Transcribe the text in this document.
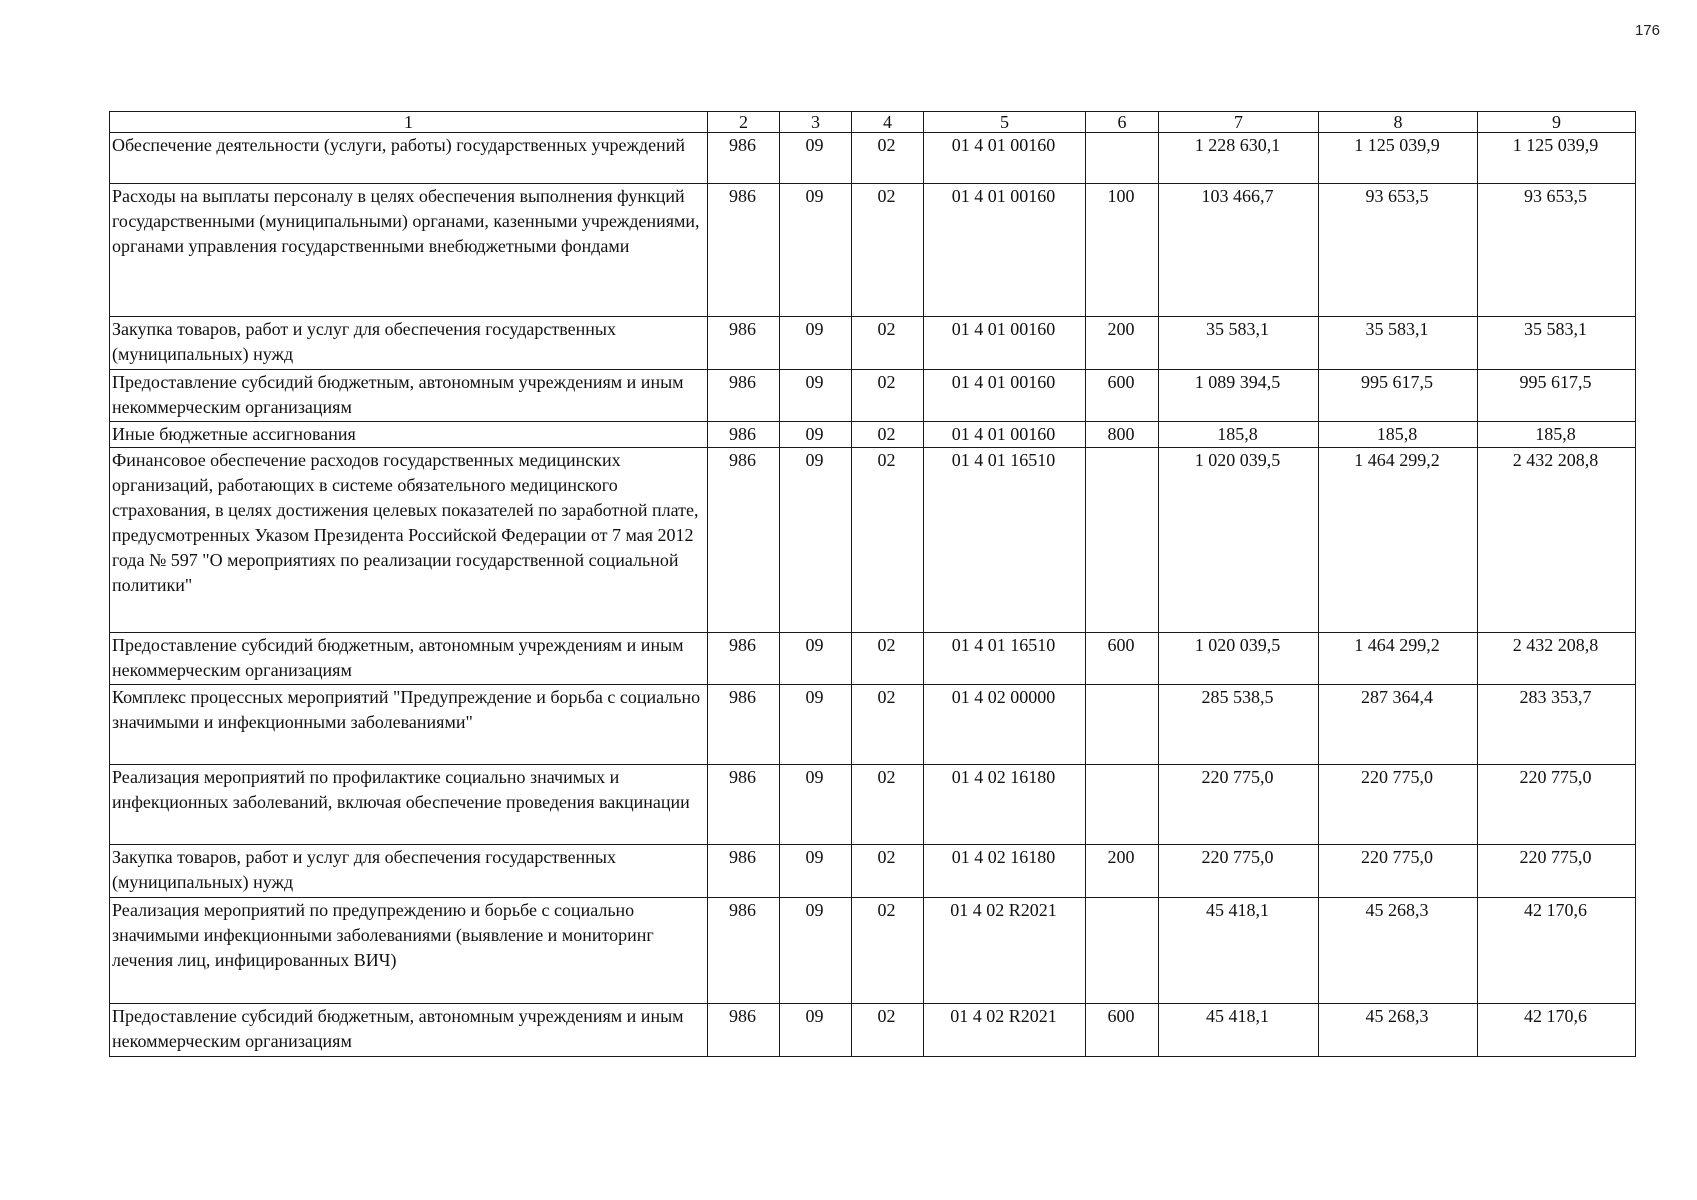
176
1	2	3	4	5	6	7	8	9
Обеспечение деятельности (услуги, работы) государственных учреждений	986	09	02	01 4 01 00160		1 228 630,1	1 125 039,9	1 125 039,9
Расходы на выплаты персоналу в целях обеспечения выполнения функций государственными (муниципальными) органами, казенными учреждениями, органами управления государственными внебюджетными фондами	986	09	02	01 4 01 00160	100	103 466,7	93 653,5	93 653,5
Закупка товаров, работ и услуг для обеспечения государственных (муниципальных) нужд	986	09	02	01 4 01 00160	200	35 583,1	35 583,1	35 583,1
Предоставление субсидий бюджетным, автономным учреждениям и иным некоммерческим организациям	986	09	02	01 4 01 00160	600	1 089 394,5	995 617,5	995 617,5
Иные бюджетные ассигнования	986	09	02	01 4 01 00160	800	185,8	185,8	185,8
Финансовое обеспечение расходов государственных медицинских организаций, работающих в системе обязательного медицинского страхования, в целях достижения целевых показателей по заработной плате, предусмотренных Указом Президента Российской Федерации от 7 мая 2012 года № 597 "О мероприятиях по реализации государственной социальной политики"	986	09	02	01 4 01 16510		1 020 039,5	1 464 299,2	2 432 208,8
Предоставление субсидий бюджетным, автономным учреждениям и иным некоммерческим организациям	986	09	02	01 4 01 16510	600	1 020 039,5	1 464 299,2	2 432 208,8
Комплекс процессных мероприятий "Предупреждение и борьба с социально значимыми и инфекционными заболеваниями"	986	09	02	01 4 02 00000		285 538,5	287 364,4	283 353,7
Реализация мероприятий по профилактике социально значимых и инфекционных заболеваний, включая обеспечение проведения вакцинации	986	09	02	01 4 02 16180		220 775,0	220 775,0	220 775,0
Закупка товаров, работ и услуг для обеспечения государственных (муниципальных) нужд	986	09	02	01 4 02 16180	200	220 775,0	220 775,0	220 775,0
Реализация мероприятий по предупреждению и борьбе с социально значимыми инфекционными заболеваниями (выявление и мониторинг лечения лиц, инфицированных ВИЧ)	986	09	02	01 4 02 R2021		45 418,1	45 268,3	42 170,6
Предоставление субсидий бюджетным, автономным учреждениям и иным некоммерческим организациям	986	09	02	01 4 02 R2021	600	45 418,1	45 268,3	42 170,6
